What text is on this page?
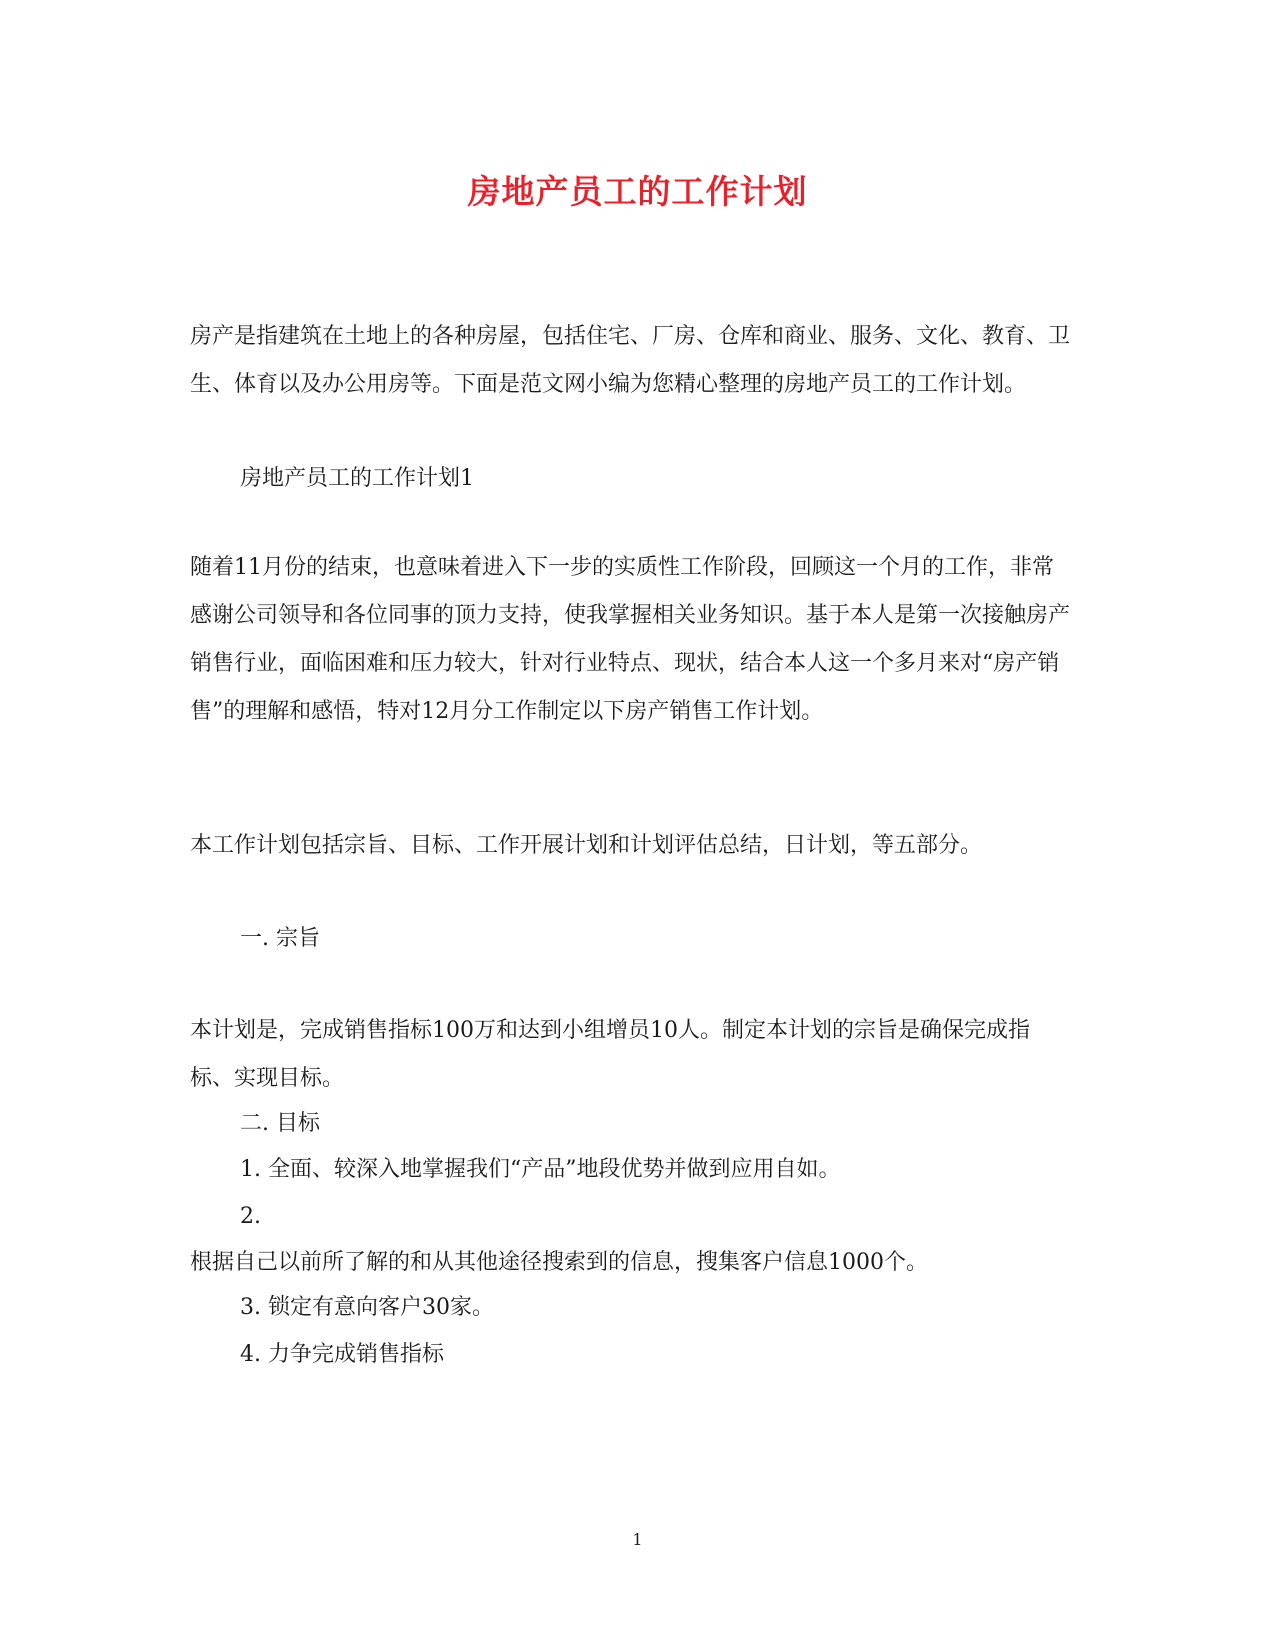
房地产员工的工作计划

房产是指建筑在土地上的各种房屋，包括住宅、厂房、仓库和商业、服务、文化、教育、卫生、体育以及办公用房等。下面是范文网小编为您精心整理的房地产员工的工作计划。

房地产员工的工作计划1

随着11月份的结束，也意味着进入下一步的实质性工作阶段，回顾这一个月的工作，非常感谢公司领导和各位同事的顶力支持，使我掌握相关业务知识。基于本人是第一次接触房产销售行业，面临困难和压力较大，针对行业特点、现状，结合本人这一个多月来对“房产销售”的理解和感悟，特对12月分工作制定以下房产销售工作计划。

本工作计划包括宗旨、目标、工作开展计划和计划评估总结，日计划，等五部分。

一. 宗旨

本计划是，完成销售指标100万和达到小组增员10人。制定本计划的宗旨是确保完成指标、实现目标。

二. 目标

1. 全面、较深入地掌握我们“产品”地段优势并做到应用自如。

2.

根据自己以前所了解的和从其他途径搜索到的信息，搜集客户信息1000个。

3. 锁定有意向客户30家。

4. 力争完成销售指标

1
